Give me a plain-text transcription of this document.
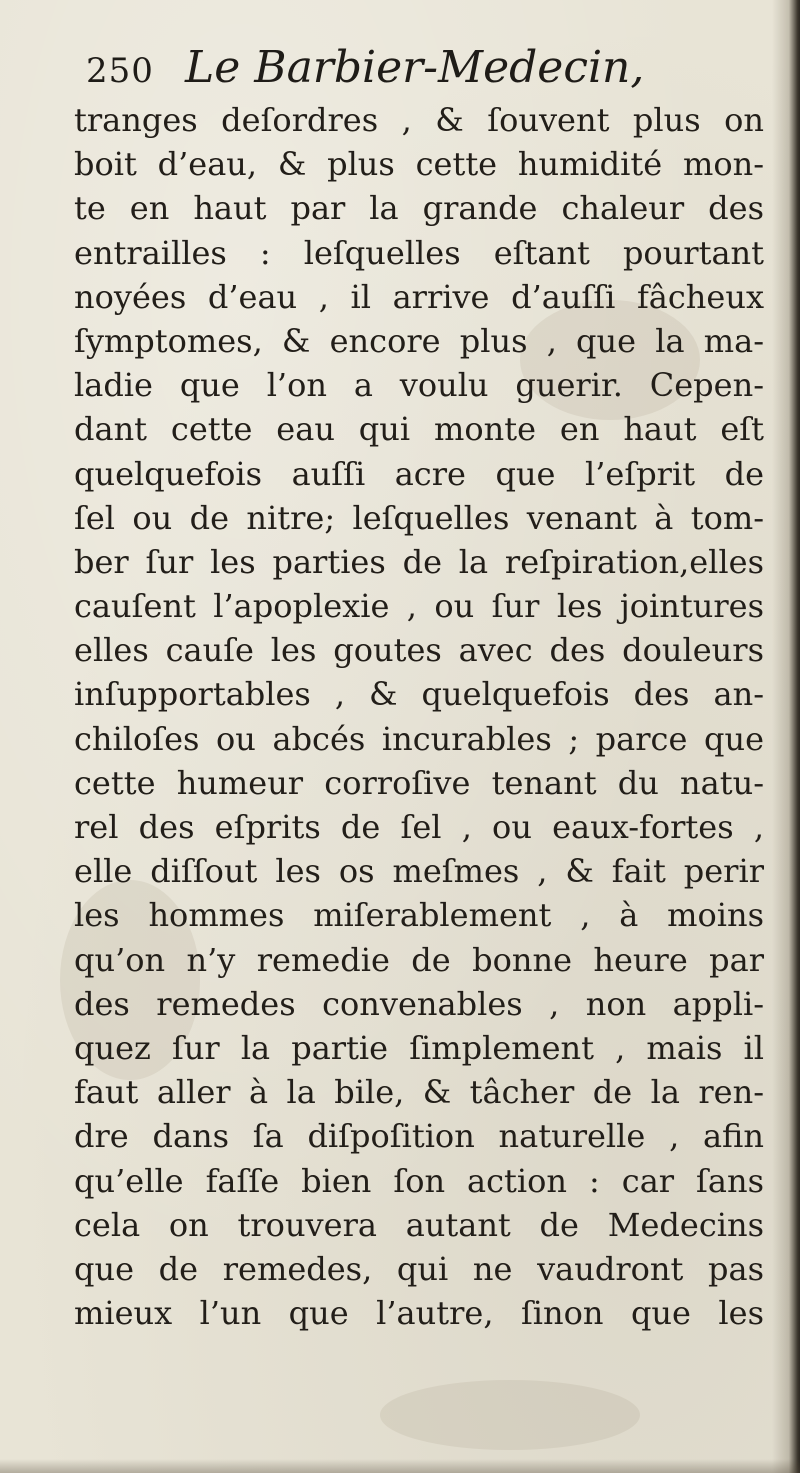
250 Le Barbier-Medecin,
tranges deſordres , & ſouvent plus on
boit d’eau, & plus cette humidité mon-
te en haut par la grande chaleur des
entrailles : leſquelles eſtant pourtant
noyées d’eau , il arrive d’auſſi fâcheux
ſymptomes, & encore plus , que la ma-
ladie que l’on a voulu guerir. Cepen-
dant cette eau qui monte en haut eſt
quelquefois auſſi acre que l’eſprit de
ſel ou de nitre; leſquelles venant à tom-
ber ſur les parties de la reſpiration,elles
cauſent l’apoplexie , ou ſur les jointures
elles cauſe les goutes avec des douleurs
inſupportables , & quelquefois des an-
chiloſes ou abcés incurables ; parce que
cette humeur corroſive tenant du natu-
rel des eſprits de ſel , ou eaux-fortes ,
elle diſſout les os meſmes , & fait perir
les hommes miſerablement , à moins
qu’on n’y remedie de bonne heure par
des remedes convenables , non appli-
quez ſur la partie ſimplement , mais il
faut aller à la bile, & tâcher de la ren-
dre dans ſa diſpoſition naturelle , afin
qu’elle faſſe bien ſon action : car ſans
cela on trouvera autant de Medecins
que de remedes, qui ne vaudront pas
mieux l’un que l’autre, ſinon que les
